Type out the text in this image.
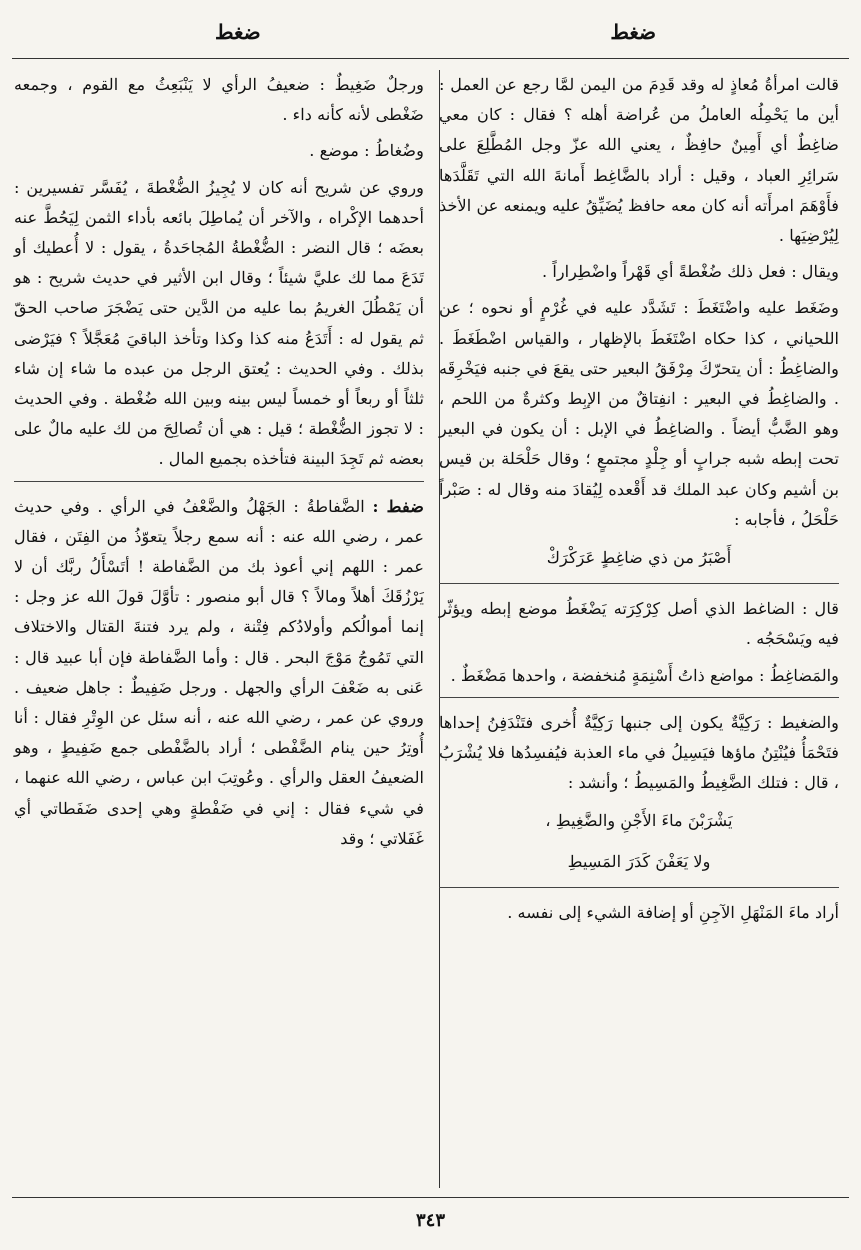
ضغط
ضغط

قالت امرأةُ مُعاذٍ له وقد قَدِمَ من اليمن لمَّا رجع عن العمل : أين ما يَحْمِلُه العاملُ من عُراضة أهله ؟ فقال : كان معي ضاغِطٌ أي أَمِينٌ حافِظٌ ، يعني الله عزّ وجل المُطَّلِعَ على سَرائِرِ العباد ، وقيل : أراد بالضَّاغِط أَمانةَ الله التي تَقَلَّدَها فأَوْهَمَ امرأَته أنه كان معه حافظ يُضَيِّقُ عليه ويمنعه عن الأخذ لِيُرْضِيَها .

ويقال : فعل ذلك ضُغْطةً أي قَهْراً واضْطِراراً .

وضَغَط عليه واضْتَغَطَ : تَشَدَّد عليه في غُرْمٍ أو نحوه ؛ عن اللحياني ، كذا حكاه اضْتَغَطَ بالإظهار ، والقياس اضْطَغَطَ . والضاغِطُ : أن يتحرّكَ مِرْفَقُ البعير حتى يقعَ في جنبه فيَخْرِقَه . والضاغِطُ في البعير : انفِتاقٌ من الإبِط وكثرةٌ من اللحم ، وهو الضَّبُّ أيضاً . والضاغِطُ في الإبل : أن يكون في البعير تحت إبطه شبه جرابٍ أو جِلْدٍ مجتمعٍ ؛ وقال حَلْحَلة بن قيس بن أشيم وكان عبد الملك قد أَقْعده لِيُقادَ منه وقال له : صَبْراً حَلْحَلُ ، فأجابه :

أَصْبَرُ من ذي ضاغِطٍ عَرَكْرَكْ

قال : الضاغط الذي أصل كِرْكِرَته يَضْغَطُ موضع إبطه ويؤثّر فيه ويَسْحَجُه .

والمَضاغِطُ : مواضع ذاتُ أَسْنِمَةٍ مُنخفضة ، واحدها مَضْغَطٌ .

والضغيط : رَكِيَّةٌ يكون إلى جنبها رَكِيَّةٌ أُخرى فتَنْدَفِنُ إحداها فتَحْمَأُ فيُنْتِنُ ماؤها فيَسِيلُ في ماء العذبة فيُفسِدُها فلا يُشْرَبُ ، قال : فتلك الضَّغِيطُ والمَسِيطُ ؛ وأنشد :

يَشْرَبْنَ ماءَ الأَجْنِ والضَّغِيطِ ،
ولا يَعَفْنَ كَدَرَ المَسِيطِ

أراد ماءَ المَنْهَلِ الآجِنِ أو إضافة الشيء إلى نفسه .

ورجلٌ ضَغِيطٌ : ضعيفُ الرأي لا يَنْبَعِثُ مع القوم ، وجمعه ضَغْطى لأنه كأنه داء .

وضُغاطُ : موضع .

وروي عن شريح أنه كان لا يُجِيزُ الضُّغْطةَ ، يُفَسَّر تفسيرين : أحدهما الإكْراه ، والآخر أن يُماطِلَ بائعه بأداء الثمن لِيَحُطَّ عنه بعضَه ؛ قال النضر : الضُّغْطةُ المُجاحَدةُ ، يقول : لا أُعطيك أو تَدَعَ مما لك عليَّ شيئاً ؛ وقال ابن الأثير في حديث شريح : هو أن يَمْطُلَ الغريمُ بما عليه من الدَّين حتى يَضْجَرَ صاحب الحقّ ثم يقول له : أَتَدَعُ منه كذا وكذا وتأخذ الباقيَ مُعَجَّلاً ؟ فيَرْضى بذلك . وفي الحديث : يُعتق الرجل من عبده ما شاء إن شاء ثلثاً أو ربعاً أو خمساً ليس بينه وبين الله ضُغْطة . وفي الحديث : لا تجوز الضُّغْطة ؛ قيل : هي أن تُصالِحَ من لك عليه مالٌ على بعضه ثم تَجِدَ البينة فتأخذه بجميع المال .

ضفط : الضَّفاطةُ : الجَهْلُ والضَّعْفُ في الرأي . وفي حديث عمر ، رضي الله عنه : أنه سمع رجلاً يتعوّذُ من الفِتَن ، فقال عمر : اللهم إني أعوذ بك من الضَّفاطة ! أتَسْأَلُ ربَّك أن لا يَرْزُقَكَ أهلاً ومالاً ؟ قال أبو منصور : تأوَّلَ قولَ الله عز وجل : إنما أموالُكم وأولادُكم فِتْنة ، ولم يرد فتنةَ القتال والاختلاف التي تَمُوجُ مَوْجَ البحر . قال : وأما الضَّفاطة فإن أبا عبيد قال : عَنى به ضَعْفَ الرأي والجهل . ورجل ضَفِيطٌ : جاهل ضعيف . وروي عن عمر ، رضي الله عنه ، أنه سئل عن الوِتْرِ فقال : أنا أُوتِرُ حين ينام الضَّفْطى ؛ أراد بالضَّفْطى جمع ضَفِيطٍ ، وهو الضعيفُ العقل والرأي . وعُوتِبَ ابن عباس ، رضي الله عنهما ، في شيء فقال : إني في ضَفْطةٍ وهي إحدى ضَفَطاتي أي غَفَلاتي ؛ وقد

٣٤٣
